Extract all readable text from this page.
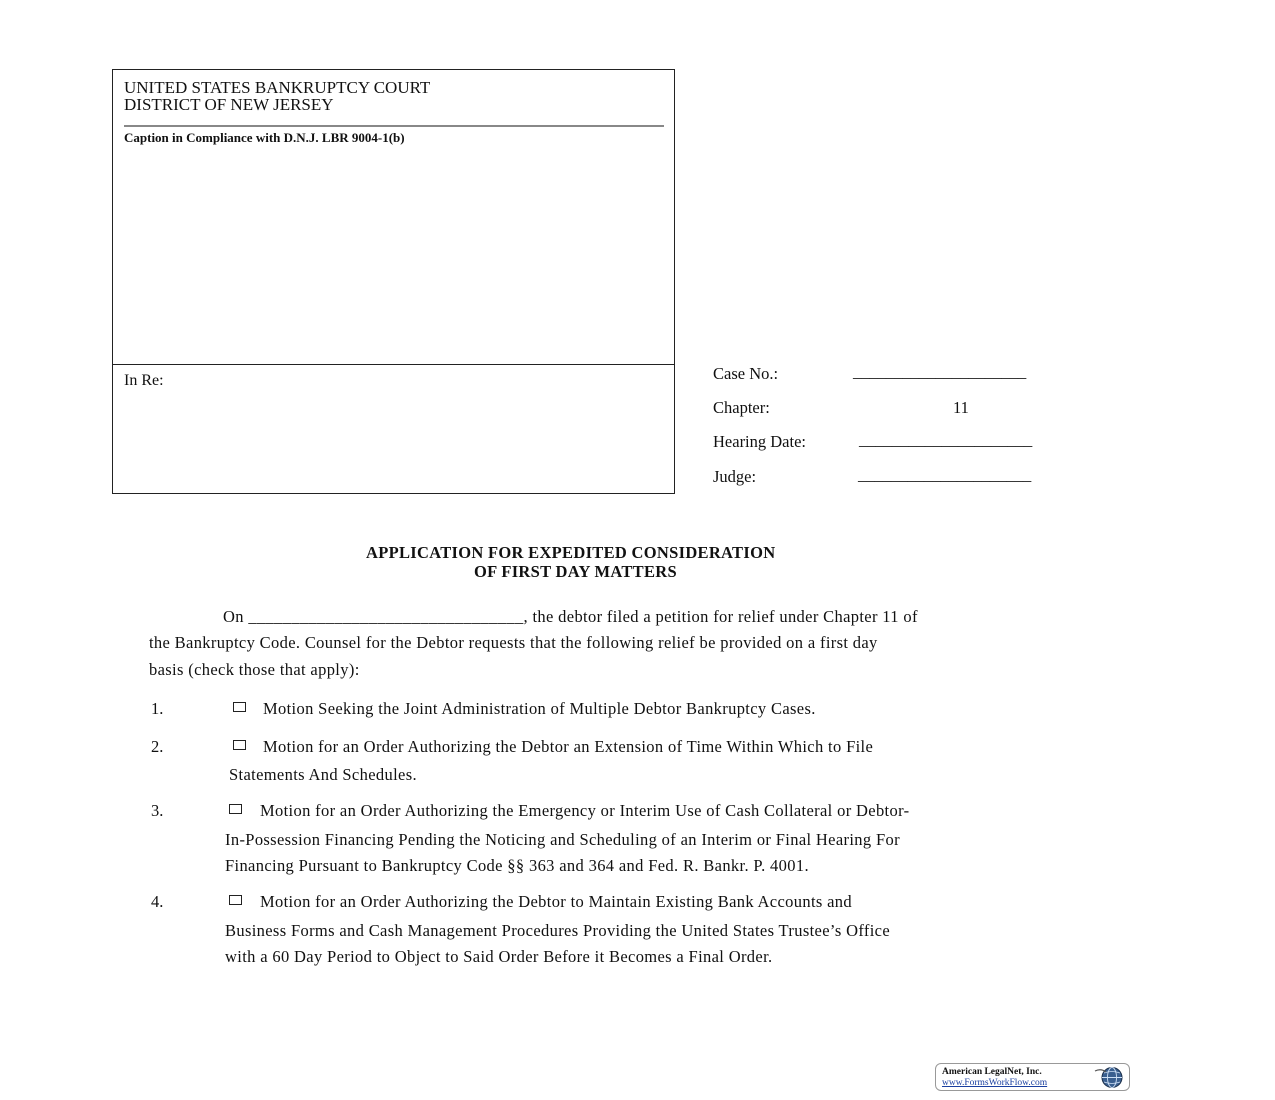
UNITED STATES BANKRUPTCY COURT
DISTRICT OF NEW JERSEY
Caption in Compliance with D.N.J. LBR 9004-1(b)
In Re:	Case No.:	_____________________
Chapter:	11
Hearing Date:	_____________________
Judge:	_____________________
APPLICATION FOR EXPEDITED CONSIDERATION
OF FIRST DAY MATTERS
On ________________________________, the debtor filed a petition for relief under Chapter 11 of
the Bankruptcy Code. Counsel for the Debtor requests that the following relief be provided on a first day
basis (check those that apply):
1.	Motion Seeking the Joint Administration of Multiple Debtor Bankruptcy Cases.
2.	Motion for an Order Authorizing the Debtor an Extension of Time Within Which to File
Statements And Schedules.
3.	Motion for an Order Authorizing the Emergency or Interim Use of Cash Collateral or Debtor-
In-Possession Financing Pending the Noticing and Scheduling of an Interim or Final Hearing For
Financing Pursuant to Bankruptcy Code §§ 363 and 364 and Fed. R. Bankr. P. 4001.
4.	Motion for an Order Authorizing the Debtor to Maintain Existing Bank Accounts and
Business Forms and Cash Management Procedures Providing the United States Trustee’s Office
with a 60 Day Period to Object to Said Order Before it Becomes a Final Order.
American LegalNet, Inc.
www.FormsWorkFlow.com
